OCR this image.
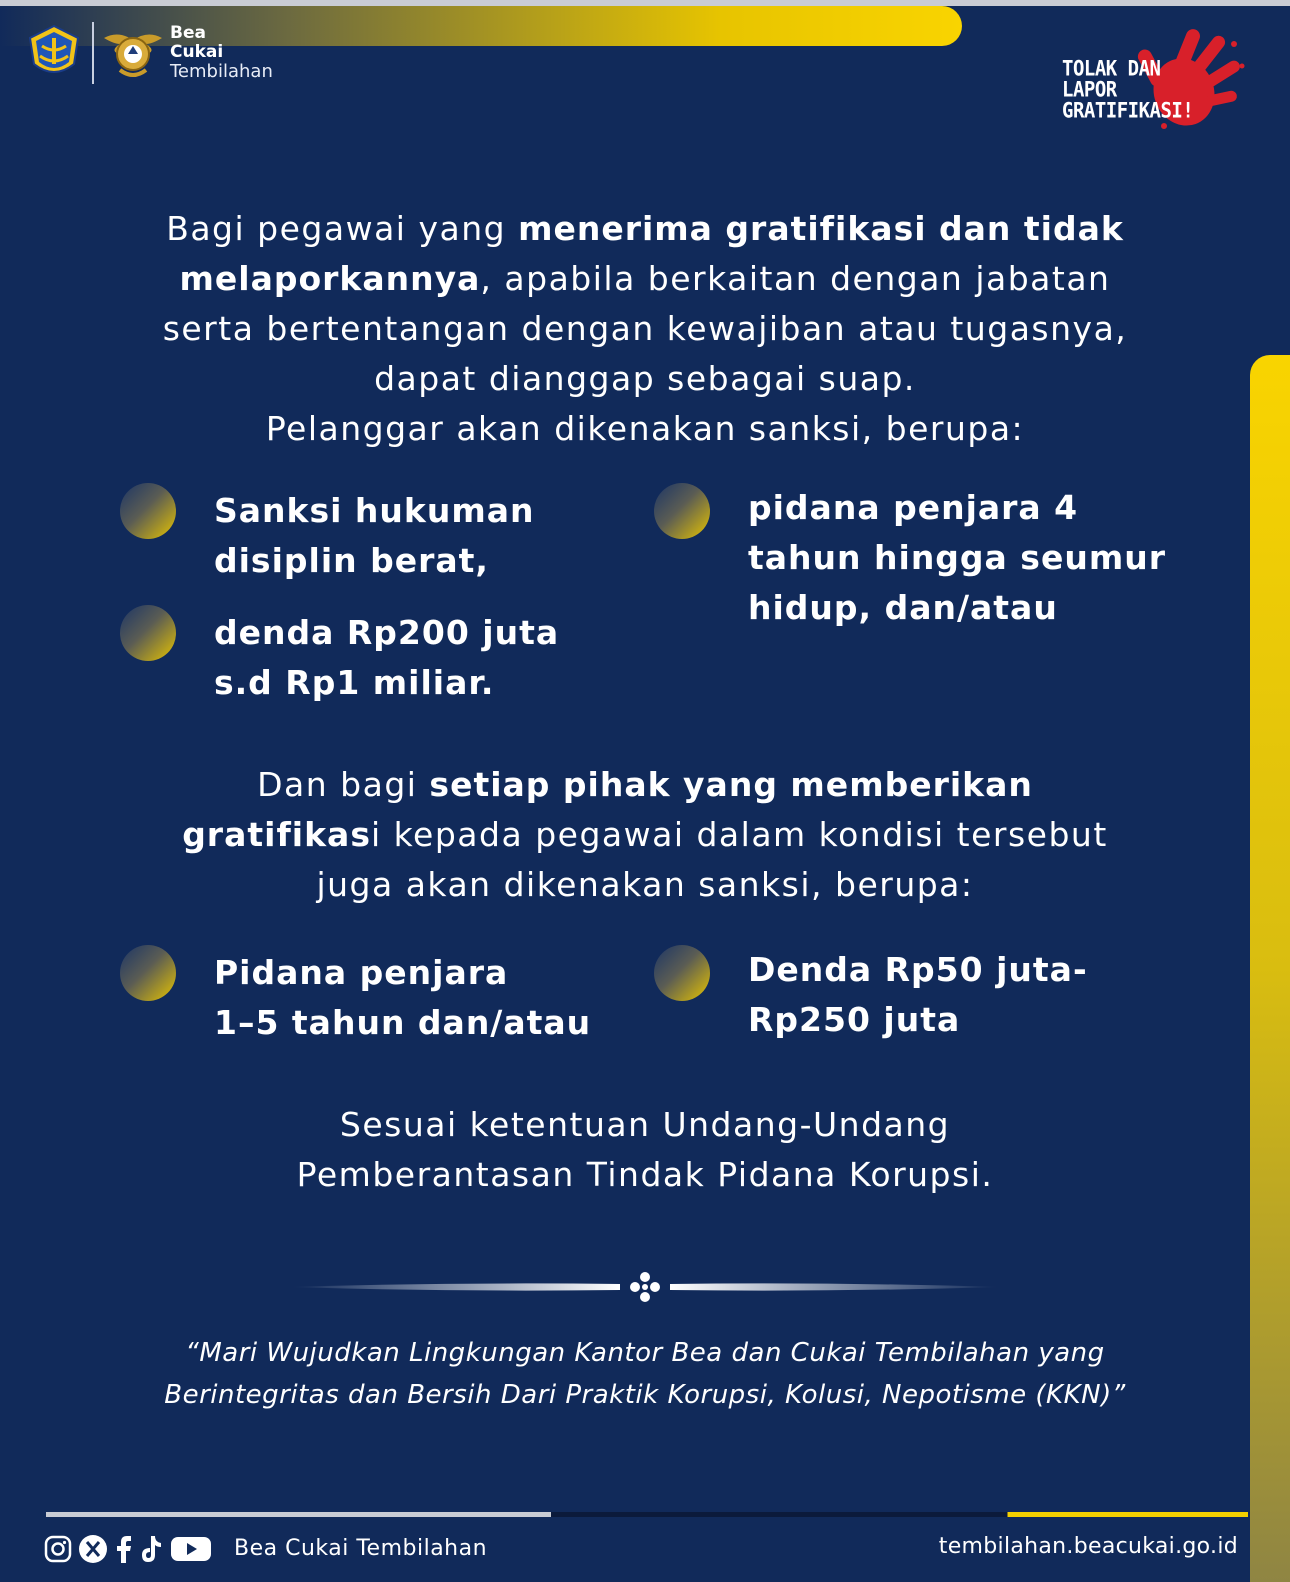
Bea
Cukai
Tembilahan	TOLAK DAN
LAPOR
GRATIFIKASI!

Bagi pegawai yang menerima gratifikasi dan tidak melaporkannya, apabila berkaitan dengan jabatan serta bertentangan dengan kewajiban atau tugasnya, dapat dianggap sebagai suap.
Pelanggar akan dikenakan sanksi, berupa:

Sanksi hukuman
disiplin berat,

pidana penjara 4
tahun hingga seumur
hidup, dan/atau

denda Rp200 juta
s.d Rp1 miliar.

Dan bagi setiap pihak yang memberikan gratifikasi kepada pegawai dalam kondisi tersebut juga akan dikenakan sanksi, berupa:

Pidana penjara
1–5 tahun dan/atau

Denda Rp50 juta-
Rp250 juta

Sesuai ketentuan Undang-Undang
Pemberantasan Tindak Pidana Korupsi.
“Mari Wujudkan Lingkungan Kantor Bea dan Cukai Tembilahan yang
Berintegritas dan Bersih Dari Praktik Korupsi, Kolusi, Nepotisme (KKN)”
Bea Cukai Tembilahan	tembilahan.beacukai.go.id
